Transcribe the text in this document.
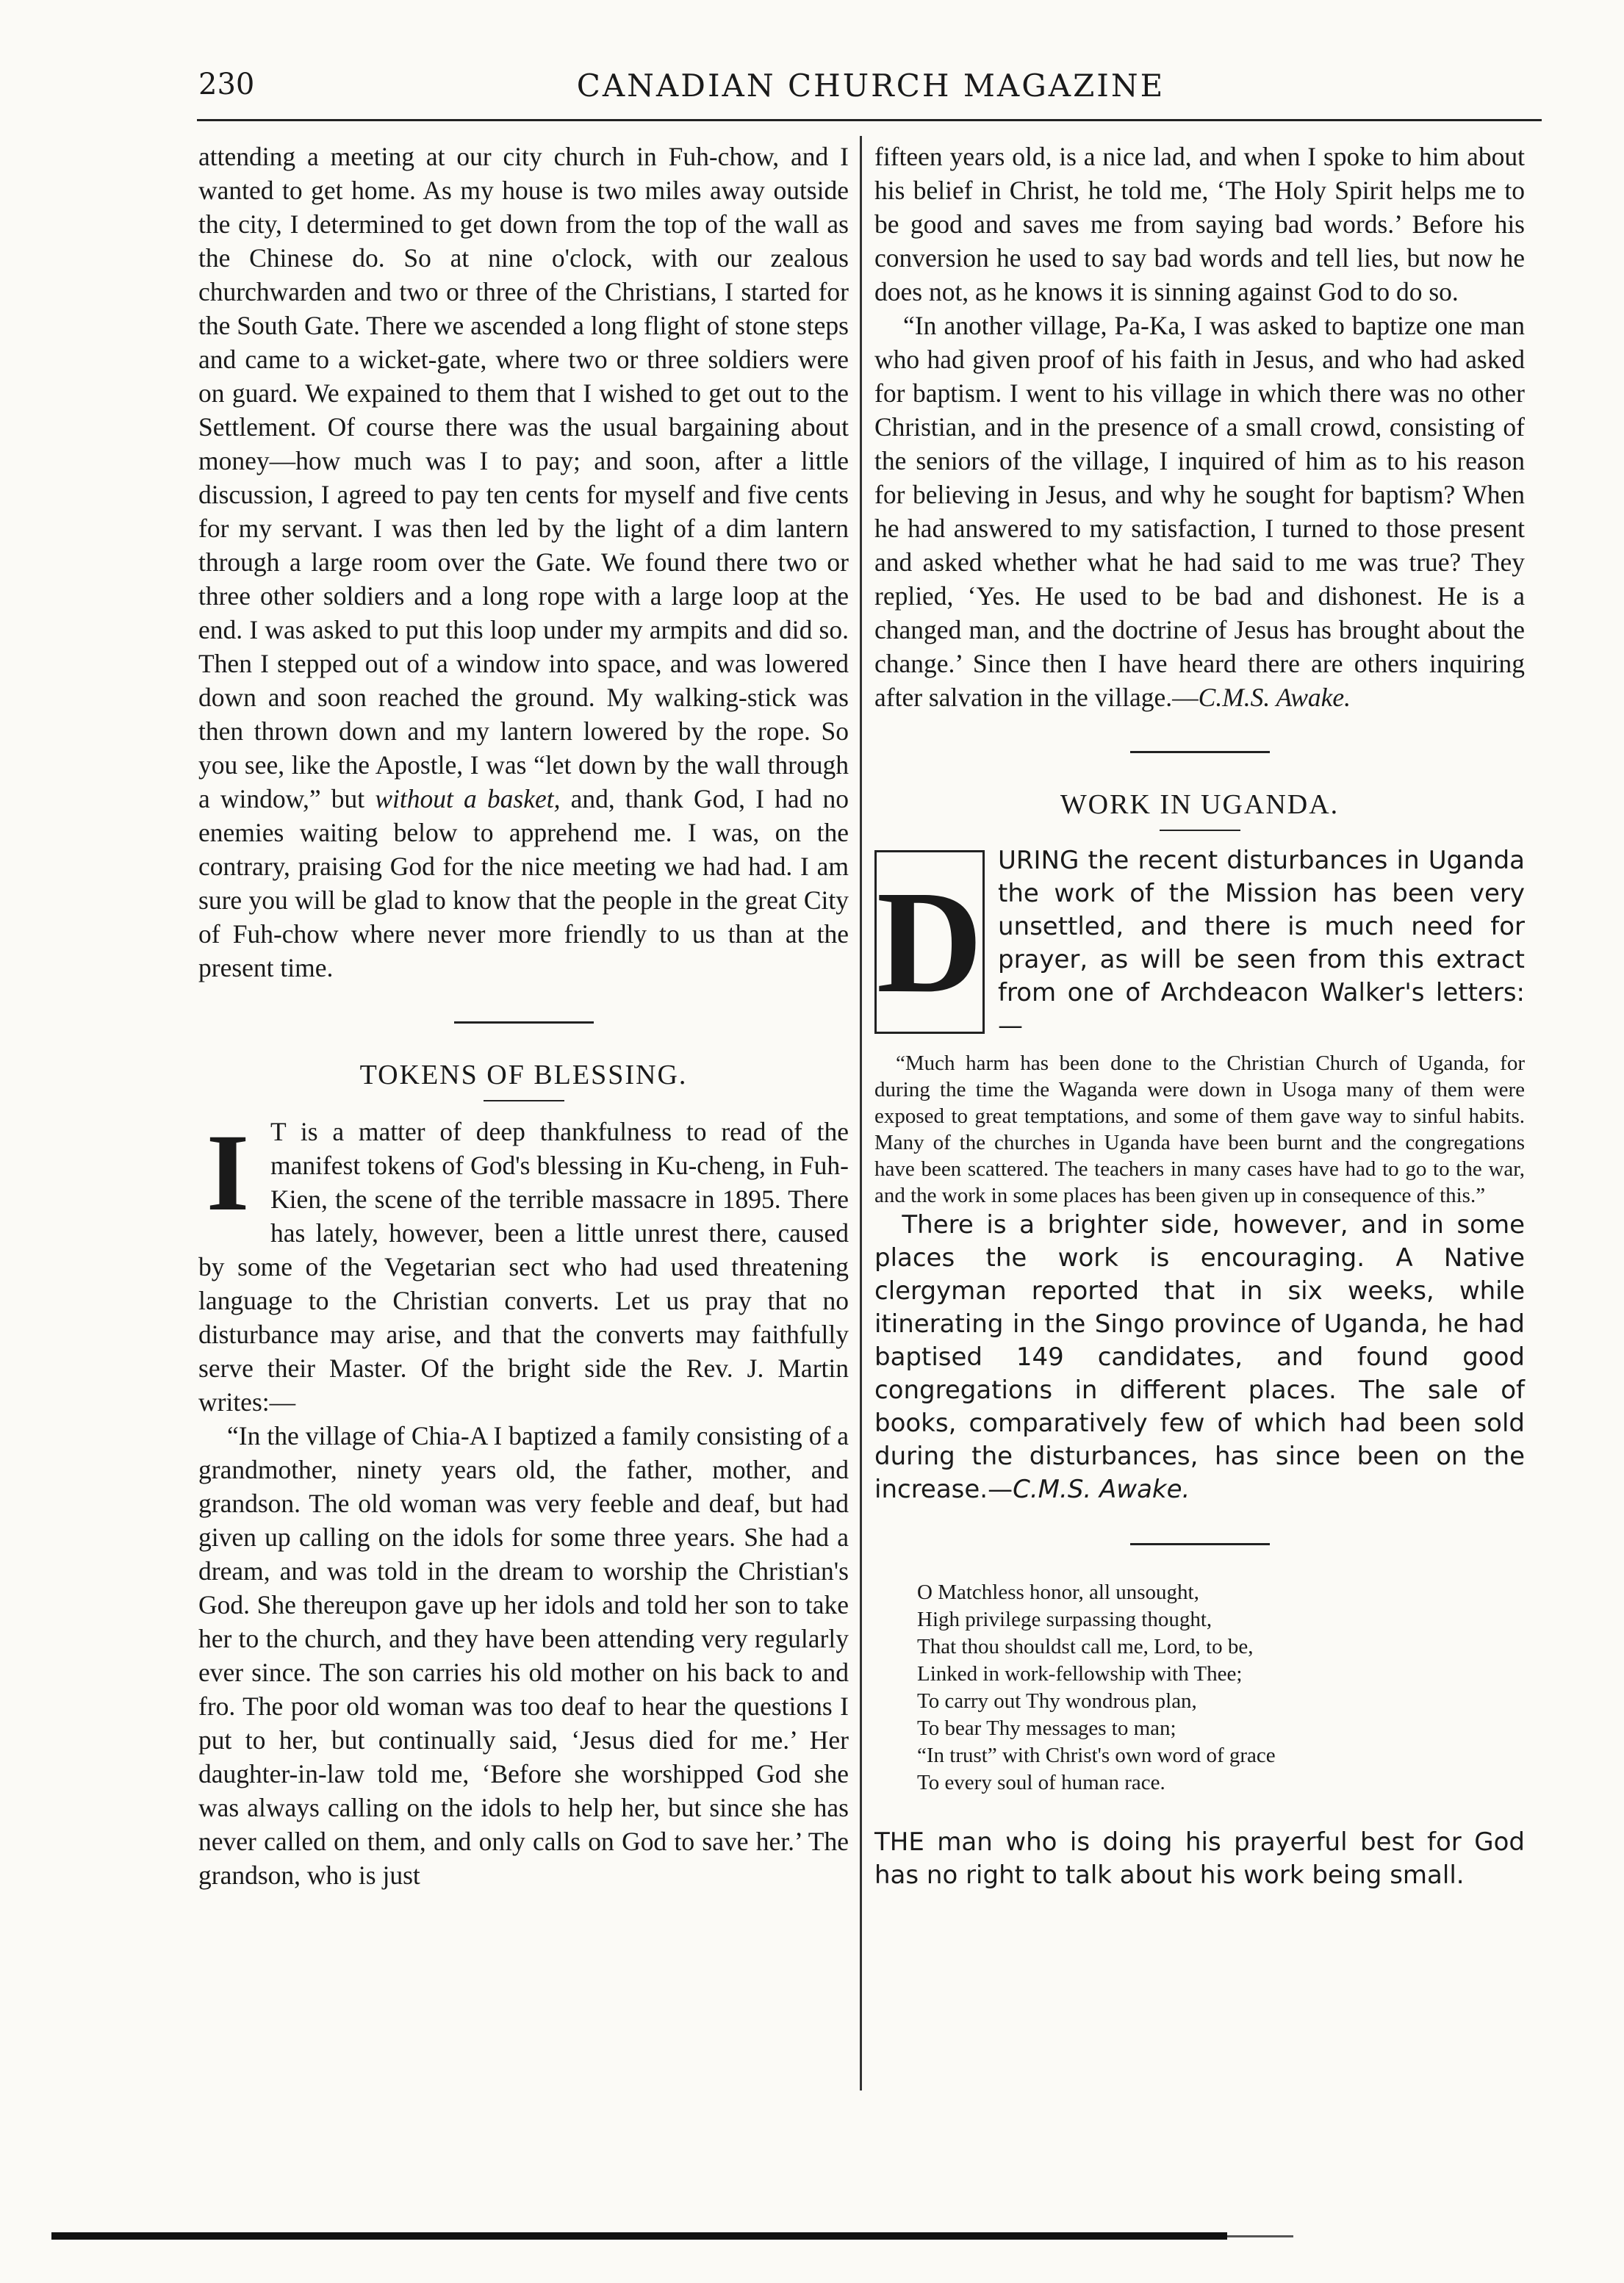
230	CANADIAN CHURCH MAGAZINE

attending a meeting at our city church in Fuh-chow, and I wanted to get home. As my house is two miles away outside the city, I determined to get down from the top of the wall as the Chinese do. So at nine o'clock, with our zealous churchwarden and two or three of the Christians, I started for the South Gate. There we ascended a long flight of stone steps and came to a wicket-gate, where two or three soldiers were on guard. We expained to them that I wished to get out to the Settlement. Of course there was the usual bargaining about money—how much was I to pay; and soon, after a little discussion, I agreed to pay ten cents for myself and five cents for my servant. I was then led by the light of a dim lantern through a large room over the Gate. We found there two or three other soldiers and a long rope with a large loop at the end. I was asked to put this loop under my armpits and did so. Then I stepped out of a window into space, and was lowered down and soon reached the ground. My walking-stick was then thrown down and my lantern lowered by the rope. So you see, like the Apostle, I was “let down by the wall through a window,” but without a basket, and, thank God, I had no enemies waiting below to apprehend me. I was, on the contrary, praising God for the nice meeting we had had. I am sure you will be glad to know that the people in the great City of Fuh-chow where never more friendly to us than at the present time.

TOKENS OF BLESSING.
I T is a matter of deep thankfulness to read of the manifest tokens of God's blessing in Ku-cheng, in Fuh-Kien, the scene of the terrible massacre in 1895. There has lately, however, been a little unrest there, caused by some of the Vegetarian sect who had used threatening language to the Christian converts. Let us pray that no disturbance may arise, and that the converts may faithfully serve their Master. Of the bright side the Rev. J. Martin writes:—

“In the village of Chia-A I baptized a family consisting of a grandmother, ninety years old, the father, mother, and grandson. The old woman was very feeble and deaf, but had given up calling on the idols for some three years. She had a dream, and was told in the dream to worship the Christian's God. She thereupon gave up her idols and told her son to take her to the church, and they have been attending very regularly ever since. The son carries his old mother on his back to and fro. The poor old woman was too deaf to hear the questions I put to her, but continually said, ‘Jesus died for me.’ Her daughter-in-law told me, ‘Before she worshipped God she was always calling on the idols to help her, but since she has never called on them, and only calls on God to save her.’ The grandson, who is just

fifteen years old, is a nice lad, and when I spoke to him about his belief in Christ, he told me, ‘The Holy Spirit helps me to be good and saves me from saying bad words.’ Before his conversion he used to say bad words and tell lies, but now he does not, as he knows it is sinning against God to do so.

“In another village, Pa-Ka, I was asked to baptize one man who had given proof of his faith in Jesus, and who had asked for baptism. I went to his village in which there was no other Christian, and in the presence of a small crowd, consisting of the seniors of the village, I inquired of him as to his reason for believing in Jesus, and why he sought for baptism? When he had answered to my satisfaction, I turned to those present and asked whether what he had said to me was true? They replied, ‘Yes. He used to be bad and dishonest. He is a changed man, and the doctrine of Jesus has brought about the change.’ Since then I have heard there are others inquiring after salvation in the village.—C.M.S. Awake.

WORK IN UGANDA.
D

URING the recent disturbances in Uganda the work of the Mission has been very unsettled, and there is much need for prayer, as will be seen from this extract from one of Archdeacon Walker's letters:—

“Much harm has been done to the Christian Church of Uganda, for during the time the Waganda were down in Usoga many of them were exposed to great temptations, and some of them gave way to sinful habits. Many of the churches in Uganda have been burnt and the congregations have been scattered. The teachers in many cases have had to go to the war, and the work in some places has been given up in consequence of this.”

There is a brighter side, however, and in some places the work is encouraging. A Native clergyman reported that in six weeks, while itinerating in the Singo province of Uganda, he had baptised 149 candidates, and found good congregations in different places. The sale of books, comparatively few of which had been sold during the disturbances, has since been on the increase.—C.M.S. Awake.

O Matchless honor, all unsought,
High privilege surpassing thought,
That thou shouldst call me, Lord, to be,
Linked in work-fellowship with Thee;
To carry out Thy wondrous plan,
To bear Thy messages to man;
“In trust” with Christ's own word of grace
To every soul of human race.

THE man who is doing his prayerful best for God has no right to talk about his work being small.
